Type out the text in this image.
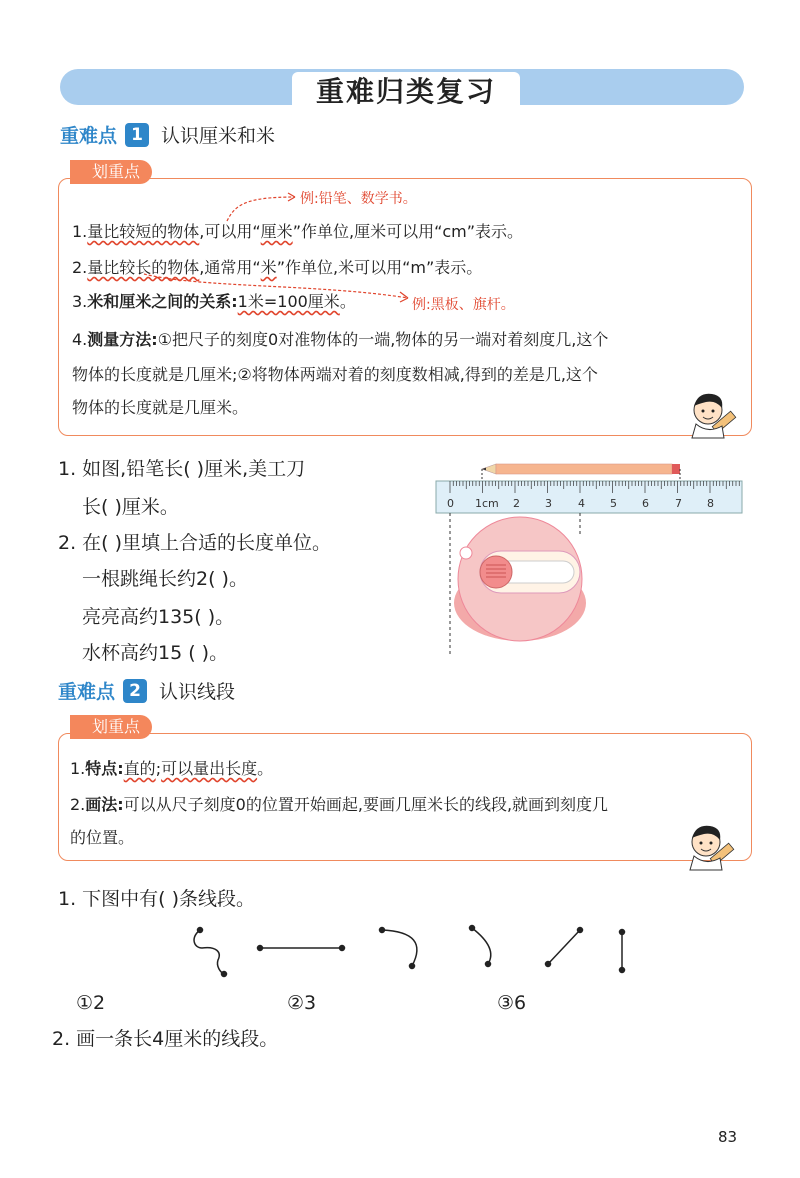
重难归类复习
重难点 1 认识厘米和米
划重点
例:铅笔、数学书。
1.量比较短的物体,可以用“厘米”作单位,厘米可以用“cm”表示。
2.量比较长的物体,通常用“米”作单位,米可以用“m”表示。
3.米和厘米之间的关系:1米=100厘米。	例:黑板、旗杆。
4.测量方法:①把尺子的刻度0对准物体的一端,物体的另一端对着刻度几,这个
物体的长度就是几厘米;②将物体两端对着的刻度数相减,得到的差是几,这个
物体的长度就是几厘米。
1. 如图,铅笔长( )厘米,美工刀
长( )厘米。
2. 在( )里填上合适的长度单位。
一根跳绳长约2( )。
亮亮高约135( )。
水杯高约15 ( )。
0 1cm 2 3 4 5 6 7 8
重难点 2 认识线段
划重点
1.特点:直的;可以量出长度。
2.画法:可以从尺子刻度0的位置开始画起,要画几厘米长的线段,就画到刻度几
的位置。
1. 下图中有( )条线段。
①2	②3	③6
2. 画一条长4厘米的线段。
83
